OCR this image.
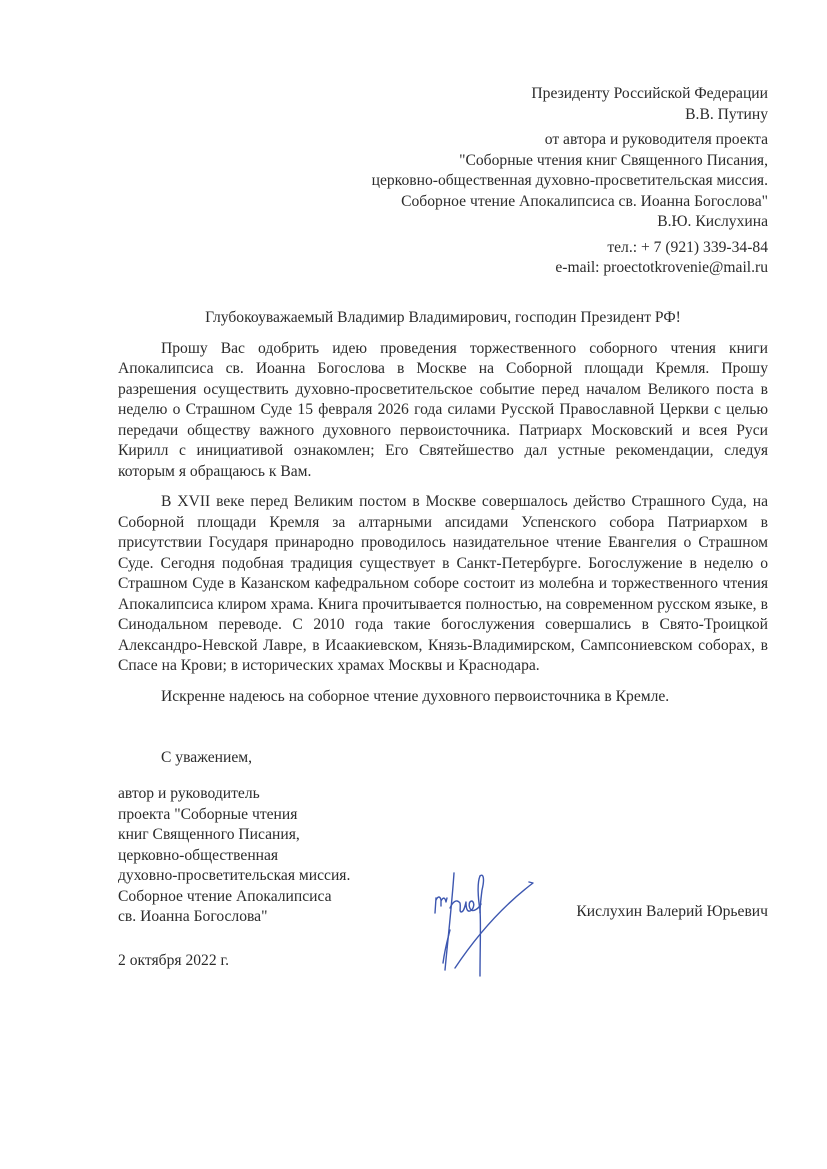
Президенту Российской Федерации
В.В. Путину
от автора и руководителя проекта
"Соборные чтения книг Священного Писания,
церковно-общественная духовно-просветительская миссия.
Соборное чтение Апокалипсиса св. Иоанна Богослова"
В.Ю. Кислухина
тел.: + 7 (921) 339-34-84
e-mail: proectotkrovenie@mail.ru

Глубокоуважаемый Владимир Владимирович, господин Президент РФ!

Прошу Вас одобрить идею проведения торжественного соборного чтения книги Апокалипсиса св. Иоанна Богослова в Москве на Соборной площади Кремля. Прошу разрешения осуществить духовно-просветительское событие перед началом Великого поста в неделю о Страшном Суде 15 февраля 2026 года силами Русской Православной Церкви с целью передачи обществу важного духовного первоисточника. Патриарх Московский и всея Руси Кирилл с инициативой ознакомлен; Его Святейшество дал устные рекомендации, следуя которым я обращаюсь к Вам.

В XVII веке перед Великим постом в Москве совершалось действо Страшного Суда, на Соборной площади Кремля за алтарными апсидами Успенского собора Патриархом в присутствии Государя принародно проводилось назидательное чтение Евангелия о Страшном Суде. Сегодня подобная традиция существует в Санкт-Петербурге. Богослужение в неделю о Страшном Суде в Казанском кафедральном соборе состоит из молебна и торжественного чтения Апокалипсиса клиром храма. Книга прочитывается полностью, на современном русском языке, в Синодальном переводе. С 2010 года такие богослужения совершались в Свято-Троицкой Александро-Невской Лавре, в Исаакиевском, Князь-Владимирском, Сампсониевском соборах, в Спасе на Крови; в исторических храмах Москвы и Краснодара.

Искренне надеюсь на соборное чтение духовного первоисточника в Кремле.

С уважением,
автор и руководитель
проекта "Соборные чтения
книг Священного Писания,
церковно-общественная
духовно-просветительская миссия.
Соборное чтение Апокалипсиса
св. Иоанна Богослова"	Кислухин Валерий Юрьевич
2 октября 2022 г.
